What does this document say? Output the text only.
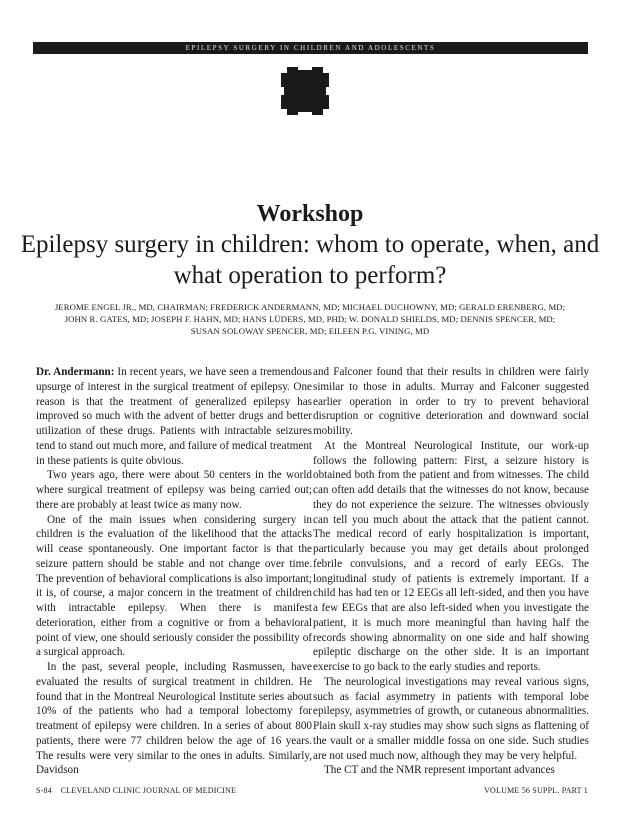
EPILEPSY SURGERY IN CHILDREN AND ADOLESCENTS
Workshop
Epilepsy surgery in children: whom to operate, when, and what operation to perform?
JEROME ENGEL JR., MD, CHAIRMAN; FREDERICK ANDERMANN, MD; MICHAEL DUCHOWNY, MD; GERALD ERENBERG, MD;
JOHN R. GATES, MD; JOSEPH F. HAHN, MD; HANS LÜDERS, MD, PHD; W. DONALD SHIELDS, MD; DENNIS SPENCER, MD;
SUSAN SOLOWAY SPENCER, MD; EILEEN P.G. VINING, MD

Dr. Andermann: In recent years, we have seen a tremendous upsurge of interest in the surgical treatment of epilepsy. One reason is that the treatment of generalized epilepsy has improved so much with the advent of better drugs and better utilization of these drugs. Patients with intractable seizures tend to stand out much more, and failure of medical treatment in these patients is quite obvious.

Two years ago, there were about 50 centers in the world where surgical treatment of epilepsy was being carried out; there are probably at least twice as many now.

One of the main issues when considering surgery in children is the evaluation of the likelihood that the attacks will cease spontaneously. One important factor is that the seizure pattern should be stable and not change over time. The prevention of behavioral complications is also important; it is, of course, a major concern in the treatment of children with intractable epilepsy. When there is manifest deterioration, either from a cognitive or from a behavioral point of view, one should seriously consider the possibility of a surgical approach.

In the past, several people, including Rasmussen, have evaluated the results of surgical treatment in children. He found that in the Montreal Neurological Institute series about 10% of the patients who had a temporal lobectomy for treatment of epilepsy were children. In a series of about 800 patients, there were 77 children below the age of 16 years. The results were very similar to the ones in adults. Similarly, Davidson

and Falconer found that their results in children were fairly similar to those in adults. Murray and Falconer suggested earlier operation in order to try to prevent behavioral disruption or cognitive deterioration and downward social mobility.

At the Montreal Neurological Institute, our work-up follows the following pattern: First, a seizure history is obtained both from the patient and from witnesses. The child can often add details that the witnesses do not know, because they do not experience the seizure. The witnesses obviously can tell you much about the attack that the patient cannot. The medical record of early hospitalization is important, particularly because you may get details about prolonged febrile convulsions, and a record of early EEGs. The longitudinal study of patients is extremely important. If a child has had ten or 12 EEGs all left-sided, and then you have a few EEGs that are also left-sided when you investigate the patient, it is much more meaningful than having half the records showing abnormality on one side and half showing epileptic discharge on the other side. It is an important exercise to go back to the early studies and reports.

The neurological investigations may reveal various signs, such as facial asymmetry in patients with temporal lobe epilepsy, asymmetries of growth, or cutaneous abnormalities. Plain skull x-ray studies may show such signs as flattening of the vault or a smaller middle fossa on one side. Such studies are not used much now, although they may be very helpful.

The CT and the NMR represent important advances

S-84 CLEVELAND CLINIC JOURNAL OF MEDICINE	VOLUME 56 SUPPL. PART 1
